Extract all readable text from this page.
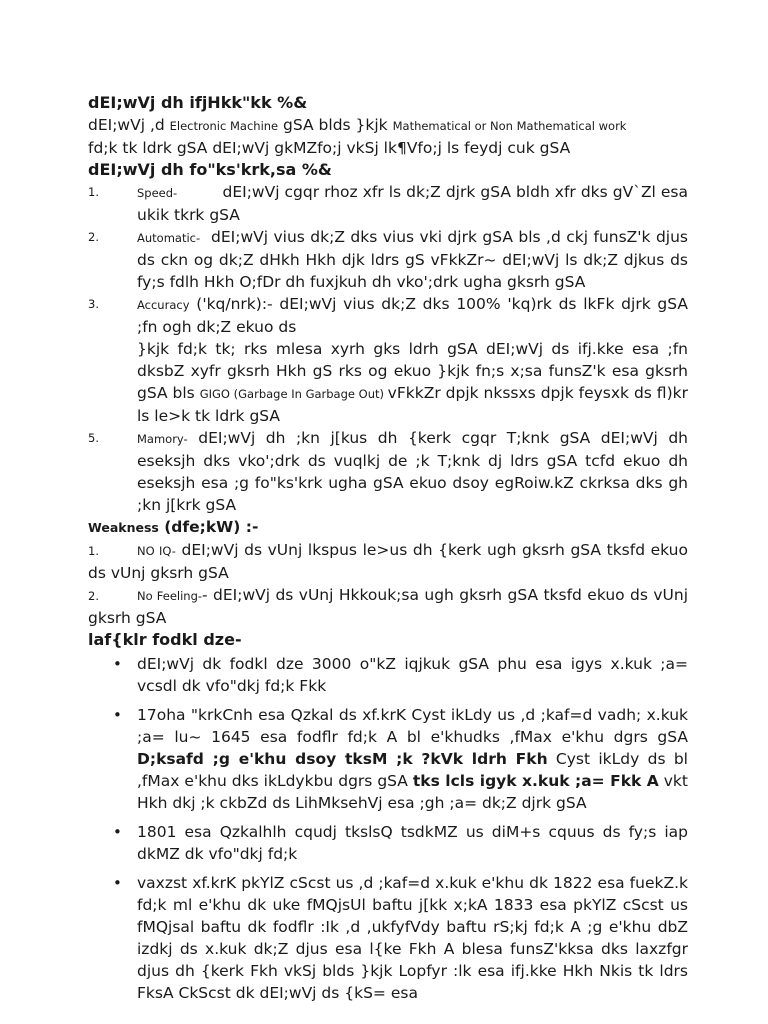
dEI;wVj dh ifjHkk"kk %&
dEI;wVj ,d Electronic Machine gSA blds }kjk Mathematical or Non Mathematical work
fd;k tk ldrk gSA dEI;wVj gkMZfo;j vkSj lk¶Vfo;j ls feydj cuk gSA
dEI;wVj dh fo"ks'krk,sa %&
1.	Speed-	dEI;wVj cgqr rhoz xfr ls dk;Z djrk gSA bldh xfr dks gV`Zl esa ukik tkrk gSA
2.	Automatic- dEI;wVj vius dk;Z dks vius vki djrk gSA bls ,d ckj funsZ'k djus ds ckn og dk;Z dHkh Hkh djk ldrs gS vFkkZr~ dEI;wVj ls dk;Z djkus ds fy;s fdlh Hkh O;fDr dh fuxjkuh dh vko';drk ugha gksrh gSA
3.	Accuracy ('kq/nrk):- dEI;wVj vius dk;Z dks 100% 'kq)rk ds lkFk djrk gSA ;fn ogh dk;Z ekuo ds
}kjk fd;k tk; rks mlesa xyrh gks ldrh gSA dEI;wVj ds ifj.kke esa ;fn dksbZ xyfr gksrh Hkh gS rks og ekuo }kjk fn;s x;sa funsZ'k esa gksrh gSA bls GIGO (Garbage In Garbage Out) vFkkZr dpjk nkssxs dpjk feysxk ds fl)kr ls le>k tk ldrk gSA
5.	Mamory- dEI;wVj dh ;kn j[kus dh {kerk cgqr T;knk gSA dEI;wVj dh eseksjh dks vko';drk ds vuqlkj de ;k T;knk dj ldrs gSA tcfd ekuo dh eseksjh esa ;g fo"ks'krk ugha gSA ekuo dsoy egRoiw.kZ ckrksa dks gh ;kn j[krk gSA
Weakness (dfe;kW) :-
1.	NO IQ- dEI;wVj ds vUnj lkspus le>us dh {kerk ugh gksrh gSA tksfd ekuo ds vUnj gksrh gSA
2.	No Feeling-- dEI;wVj ds vUnj Hkkouk;sa ugh gksrh gSA tksfd ekuo ds vUnj gksrh gSA
laf{klr fodkl dze-
• dEI;wVj dk fodkl dze 3000 o"kZ iqjkuk gSA phu esa igys x.kuk ;a= vcsdl dk vfo"dkj fd;k Fkk
• 17oha "krkCnh esa Qzkal ds xf.krK Cyst ikLdy us ,d ;kaf=d vadh; x.kuk ;a= lu~ 1645 esa fodflr fd;k A bl e'khudks ,fMax e'khu dgrs gSA D;ksafd ;g e'khu dsoy tksM ;k ?kVk ldrh Fkh Cyst ikLdy ds bl ,fMax e'khu dks ikLdykbu dgrs gSA tks lcls igyk x.kuk ;a= Fkk A vkt Hkh dkj ;k ckbZd ds LihMksehVj esa ;gh ;a= dk;Z djrk gSA
• 1801 esa Qzkalhlh cqudj tkslsQ tsdkMZ us diM+s cquus ds fy;s iap dkMZ dk vfo"dkj fd;k
• vaxzst xf.krK pkYlZ cScst us ,d ;kaf=d x.kuk e'khu dk 1822 esa fuekZ.k fd;k ml e'khu dk uke fMQjsUl baftu j[kk x;kA 1833 esa pkYlZ cScst us fMQjsal baftu dk fodflr :Ik ,d ,ukfyfVdy baftu rS;kj fd;k A ;g e'khu dbZ izdkj ds x.kuk dk;Z djus esa l{ke Fkh A blesa funsZ'kksa dks laxzfgr djus dh {kerk Fkh vkSj blds }kjk Lopfyr :lk esa ifj.kke Hkh Nkis tk ldrs FksA CkScst dk dEI;wVj ds {kS= esa
